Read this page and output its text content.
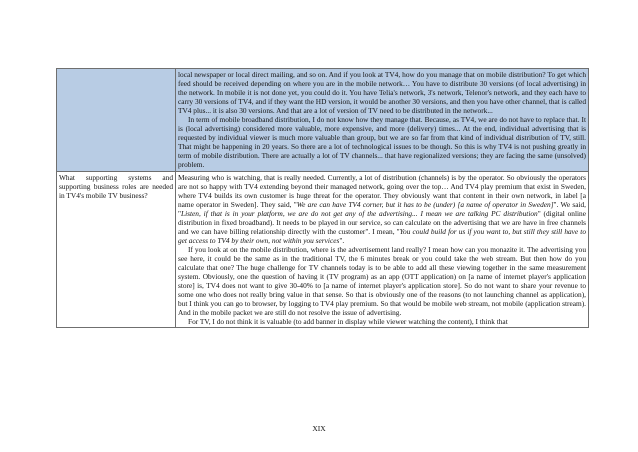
	local newspaper or local direct mailing, and so on. And if you look at TV4, how do you manage that on mobile distribution? To get which feed should be received depending on where you are in the mobile network… You have to distribute 30 versions (of local advertising) in the network. In mobile it is not done yet, you could do it. You have Telia's network, 3's network, Telenor's network, and they each have to carry 30 versions of TV4, and if they want the HD version, it would be another 30 versions, and then you have other channel, that is called TV4 plus... it is also 30 versions. And that are a lot of version of TV need to be distributed in the network...

In term of mobile broadband distribution, I do not know how they manage that. Because, as TV4, we are do not have to replace that. It is (local advertising) considered more valuable, more expensive, and more (delivery) times... At the end, individual advertising that is requested by individual viewer is much more valuable than group, but we are so far from that kind of individual distribution of TV, still. That might be happening in 20 years. So there are a lot of technological issues to be though. So this is why TV4 is not pushing greatly in term of mobile distribution. There are actually a lot of TV channels... that have regionalized versions; they are facing the same (unsolved) problem.

What supporting systems and supporting business roles are needed in TV4's mobile TV business?	Measuring who is watching, that is really needed. Currently, a lot of distribution (channels) is by the operator. So obviously the operators are not so happy with TV4 extending beyond their managed network, going over the top… And TV4 play premium that exist in Sweden, where TV4 builds its own customer is huge threat for the operator. They obviously want that content in their own network, in label [a name operator in Sweden]. They said, "We are can have TV4 corner, but it has to be (under) [a name of operator in Sweden]". We said, "Listen, if that is in your platform, we are do not get any of the advertising... I mean we are talking PC distribution" (digital online distribution in fixed broadband). It needs to be played in our service, so can calculate on the advertising that we are have in free channels and we can have billing relationship directly with the customer". I mean, "You could build for us if you want to, but still they still have to get access to TV4 by their own, not within you services".

If you look at on the mobile distribution, where is the advertisement land really? I mean how can you monazite it. The advertising you see here, it could be the same as in the traditional TV, the 6 minutes break or you could take the web stream. But then how do you calculate that one? The huge challenge for TV channels today is to be able to add all these viewing together in the same measurement system. Obviously, one the question of having it (TV program) as an app (OTT application) on [a name of internet player's application store] is, TV4 does not want to give 30-40% to [a name of internet player's application store]. So do not want to share your revenue to some one who does not really bring value in that sense. So that is obviously one of the reasons (to not launching channel as application), but I think you can go to browser, by logging to TV4 play premium. So that would be mobile web stream, not mobile (application stream). And in the mobile packet we are still do not resolve the issue of advertising.

For TV, I do not think it is valuable (to add banner in display while viewer watching the content), I think that

XIX
